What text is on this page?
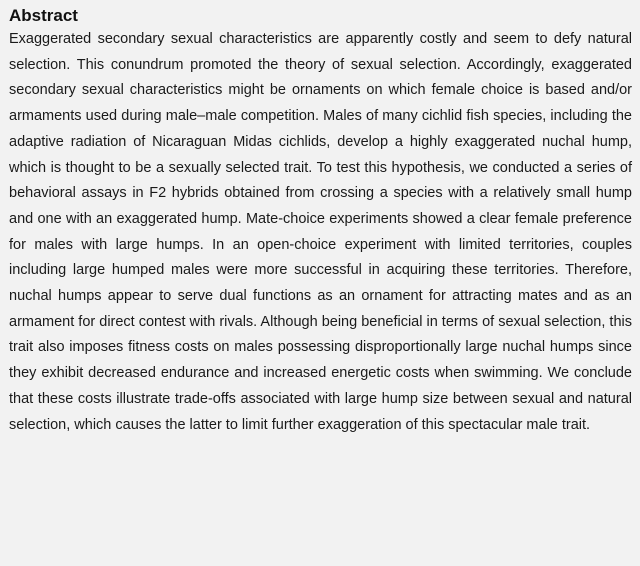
Abstract

Exaggerated secondary sexual characteristics are apparently costly and seem to defy natural selection. This conundrum promoted the theory of sexual selection. Accordingly, exaggerated secondary sexual characteristics might be ornaments on which female choice is based and/or armaments used during male–male competition. Males of many cichlid fish species, including the adaptive radiation of Nicaraguan Midas cichlids, develop a highly exaggerated nuchal hump, which is thought to be a sexually selected trait. To test this hypothesis, we conducted a series of behavioral assays in F2 hybrids obtained from crossing a species with a relatively small hump and one with an exaggerated hump. Mate-choice experiments showed a clear female preference for males with large humps. In an open-choice experiment with limited territories, couples including large humped males were more successful in acquiring these territories. Therefore, nuchal humps appear to serve dual functions as an ornament for attracting mates and as an armament for direct contest with rivals. Although being beneficial in terms of sexual selection, this trait also imposes fitness costs on males possessing disproportionally large nuchal humps since they exhibit decreased endurance and increased energetic costs when swimming. We conclude that these costs illustrate trade-offs associated with large hump size between sexual and natural selection, which causes the latter to limit further exaggeration of this spectacular male trait.
